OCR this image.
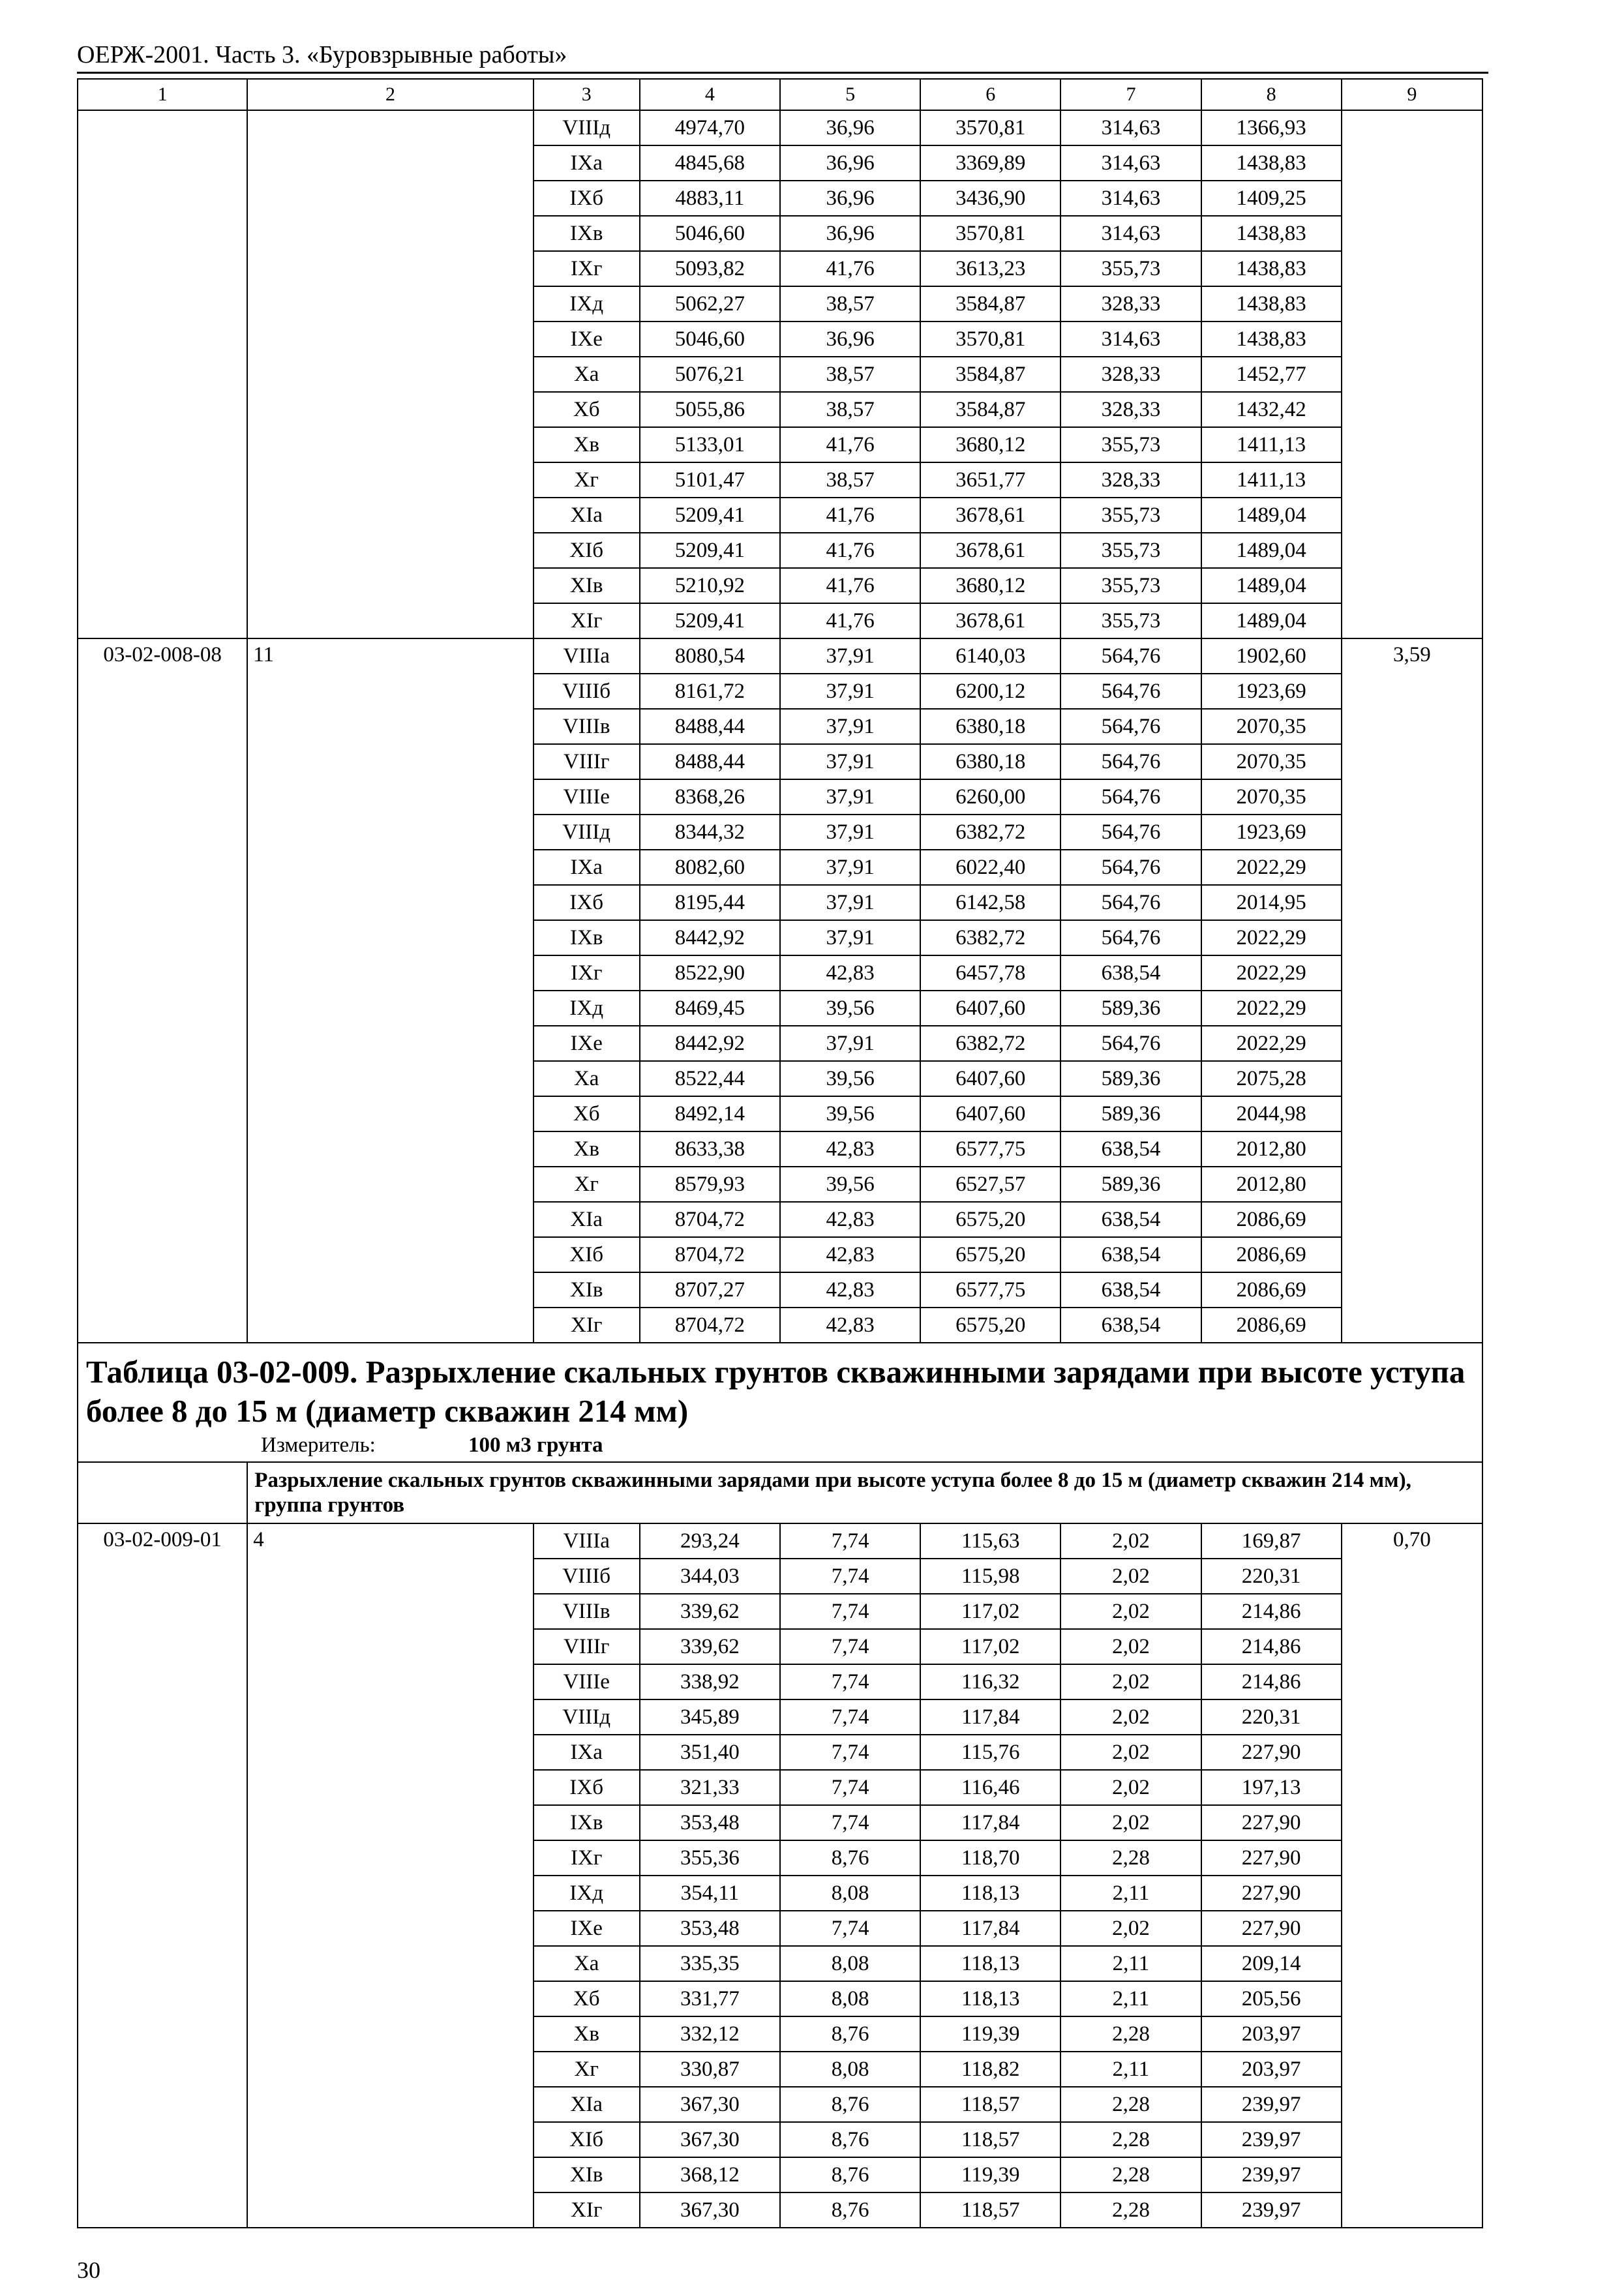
ОЕРЖ-2001. Часть 3. «Буровзрывные работы»
1	2	3	4	5	6	7	8	9
		VIIIд	4974,70	36,96	3570,81	314,63	1366,93	
		IXа	4845,68	36,96	3369,89	314,63	1438,83	
		IXб	4883,11	36,96	3436,90	314,63	1409,25	
		IXв	5046,60	36,96	3570,81	314,63	1438,83	
		IXг	5093,82	41,76	3613,23	355,73	1438,83	
		IXд	5062,27	38,57	3584,87	328,33	1438,83	
		IXе	5046,60	36,96	3570,81	314,63	1438,83	
		Xа	5076,21	38,57	3584,87	328,33	1452,77	
		Xб	5055,86	38,57	3584,87	328,33	1432,42	
		Xв	5133,01	41,76	3680,12	355,73	1411,13	
		Xг	5101,47	38,57	3651,77	328,33	1411,13	
		XIа	5209,41	41,76	3678,61	355,73	1489,04	
		XIб	5209,41	41,76	3678,61	355,73	1489,04	
		XIв	5210,92	41,76	3680,12	355,73	1489,04	
		XIг	5209,41	41,76	3678,61	355,73	1489,04	
03-02-008-08	11	VIIIа	8080,54	37,91	6140,03	564,76	1902,60	3,59
		VIIIб	8161,72	37,91	6200,12	564,76	1923,69	
		VIIIв	8488,44	37,91	6380,18	564,76	2070,35	
		VIIIг	8488,44	37,91	6380,18	564,76	2070,35	
		VIIIе	8368,26	37,91	6260,00	564,76	2070,35	
		VIIIд	8344,32	37,91	6382,72	564,76	1923,69	
		IXа	8082,60	37,91	6022,40	564,76	2022,29	
		IXб	8195,44	37,91	6142,58	564,76	2014,95	
		IXв	8442,92	37,91	6382,72	564,76	2022,29	
		IXг	8522,90	42,83	6457,78	638,54	2022,29	
		IXд	8469,45	39,56	6407,60	589,36	2022,29	
		IXе	8442,92	37,91	6382,72	564,76	2022,29	
		Xа	8522,44	39,56	6407,60	589,36	2075,28	
		Xб	8492,14	39,56	6407,60	589,36	2044,98	
		Xв	8633,38	42,83	6577,75	638,54	2012,80	
		Xг	8579,93	39,56	6527,57	589,36	2012,80	
		XIа	8704,72	42,83	6575,20	638,54	2086,69	
		XIб	8704,72	42,83	6575,20	638,54	2086,69	
		XIв	8707,27	42,83	6577,75	638,54	2086,69	
		XIг	8704,72	42,83	6575,20	638,54	2086,69	

Таблица 03-02-009. Разрыхление скальных грунтов скважинными зарядами при высоте уступа более 8 до 15 м (диаметр скважин 214 мм)
Измеритель: 100 м3 грунта								

	Разрыхление скальных грунтов скважинными зарядами при высоте уступа более 8 до 15 м (диаметр скважин 214 мм), группа грунтов							
03-02-009-01	4	VIIIа	293,24	7,74	115,63	2,02	169,87	0,70
		VIIIб	344,03	7,74	115,98	2,02	220,31	
		VIIIв	339,62	7,74	117,02	2,02	214,86	
		VIIIг	339,62	7,74	117,02	2,02	214,86	
		VIIIе	338,92	7,74	116,32	2,02	214,86	
		VIIIд	345,89	7,74	117,84	2,02	220,31	
		IXа	351,40	7,74	115,76	2,02	227,90	
		IXб	321,33	7,74	116,46	2,02	197,13	
		IXв	353,48	7,74	117,84	2,02	227,90	
		IXг	355,36	8,76	118,70	2,28	227,90	
		IXд	354,11	8,08	118,13	2,11	227,90	
		IXе	353,48	7,74	117,84	2,02	227,90	
		Xа	335,35	8,08	118,13	2,11	209,14	
		Xб	331,77	8,08	118,13	2,11	205,56	
		Xв	332,12	8,76	119,39	2,28	203,97	
		Xг	330,87	8,08	118,82	2,11	203,97	
		XIа	367,30	8,76	118,57	2,28	239,97	
		XIб	367,30	8,76	118,57	2,28	239,97	
		XIв	368,12	8,76	119,39	2,28	239,97	
		XIг	367,30	8,76	118,57	2,28	239,97	
30
